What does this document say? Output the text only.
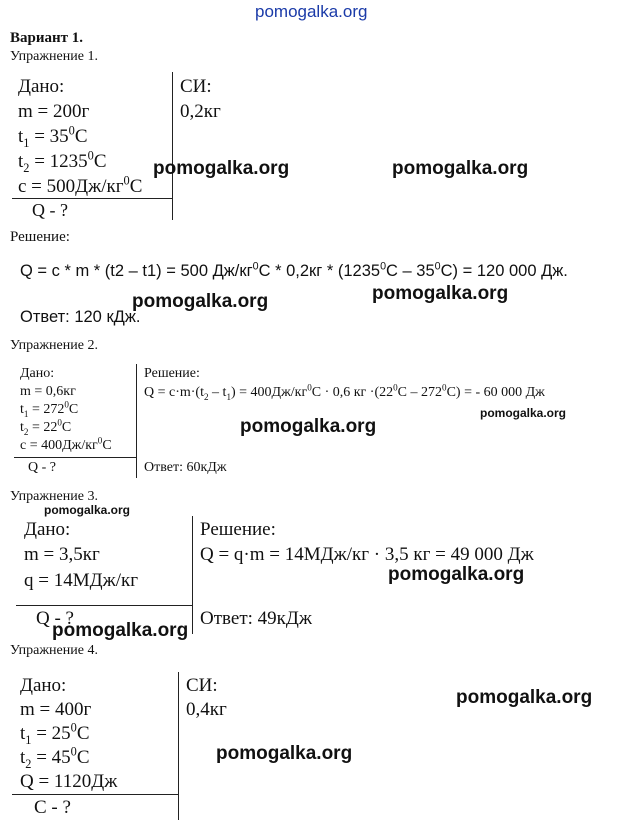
pomogalka.org
Вариант 1.
Упражнение 1.
Дано:
m = 200г
$t_1 = 35^0C$
$t_2 = 1235^0C$
$c = 500Дж/кг^0C$
Q - ?
СИ:
0,2кг
pomogalka.org	pomogalka.org
Решение:
Q = c * m * (t2 – t1) = 500 $Дж/кг^0С * 0,2кг * (1235^0С - 35^0С) = 120$ 000 Дж.
pomogalka.org	pomogalka.org
Ответ: 120 кДж.
Упражнение 2.
Дано:
m = 0,6кг
$t_1 = 272^0C$
$t_2 = 22^0C$
$c = 400Дж/кг^0C$
Q - ?
Решение:
$Q = c\cdot m\cdot(t_2 - t_1) = 400Дж/кг^0C \cdot 0,6$ кг $\cdot(22^0C - 272^0C)$ = - 60 000 Дж
Ответ: 60кДж
pomogalka.org
pomogalka.org
Упражнение 3.
pomogalka.org
Дано:
m = 3,5кг
q = 14МДж/кг
Q - ?
Решение:
Q = q·m = 14МДж/кг · 3,5 кг = 49 000 Дж
Ответ: 49кДж
pomogalka.org
pomogalka.org
Упражнение 4.
Дано:
m = 400г
$t_1 = 25^0C$
$t_2 = 45^0C$
Q = 1120Дж
C - ?
СИ:
0,4кг
pomogalka.org
pomogalka.org
